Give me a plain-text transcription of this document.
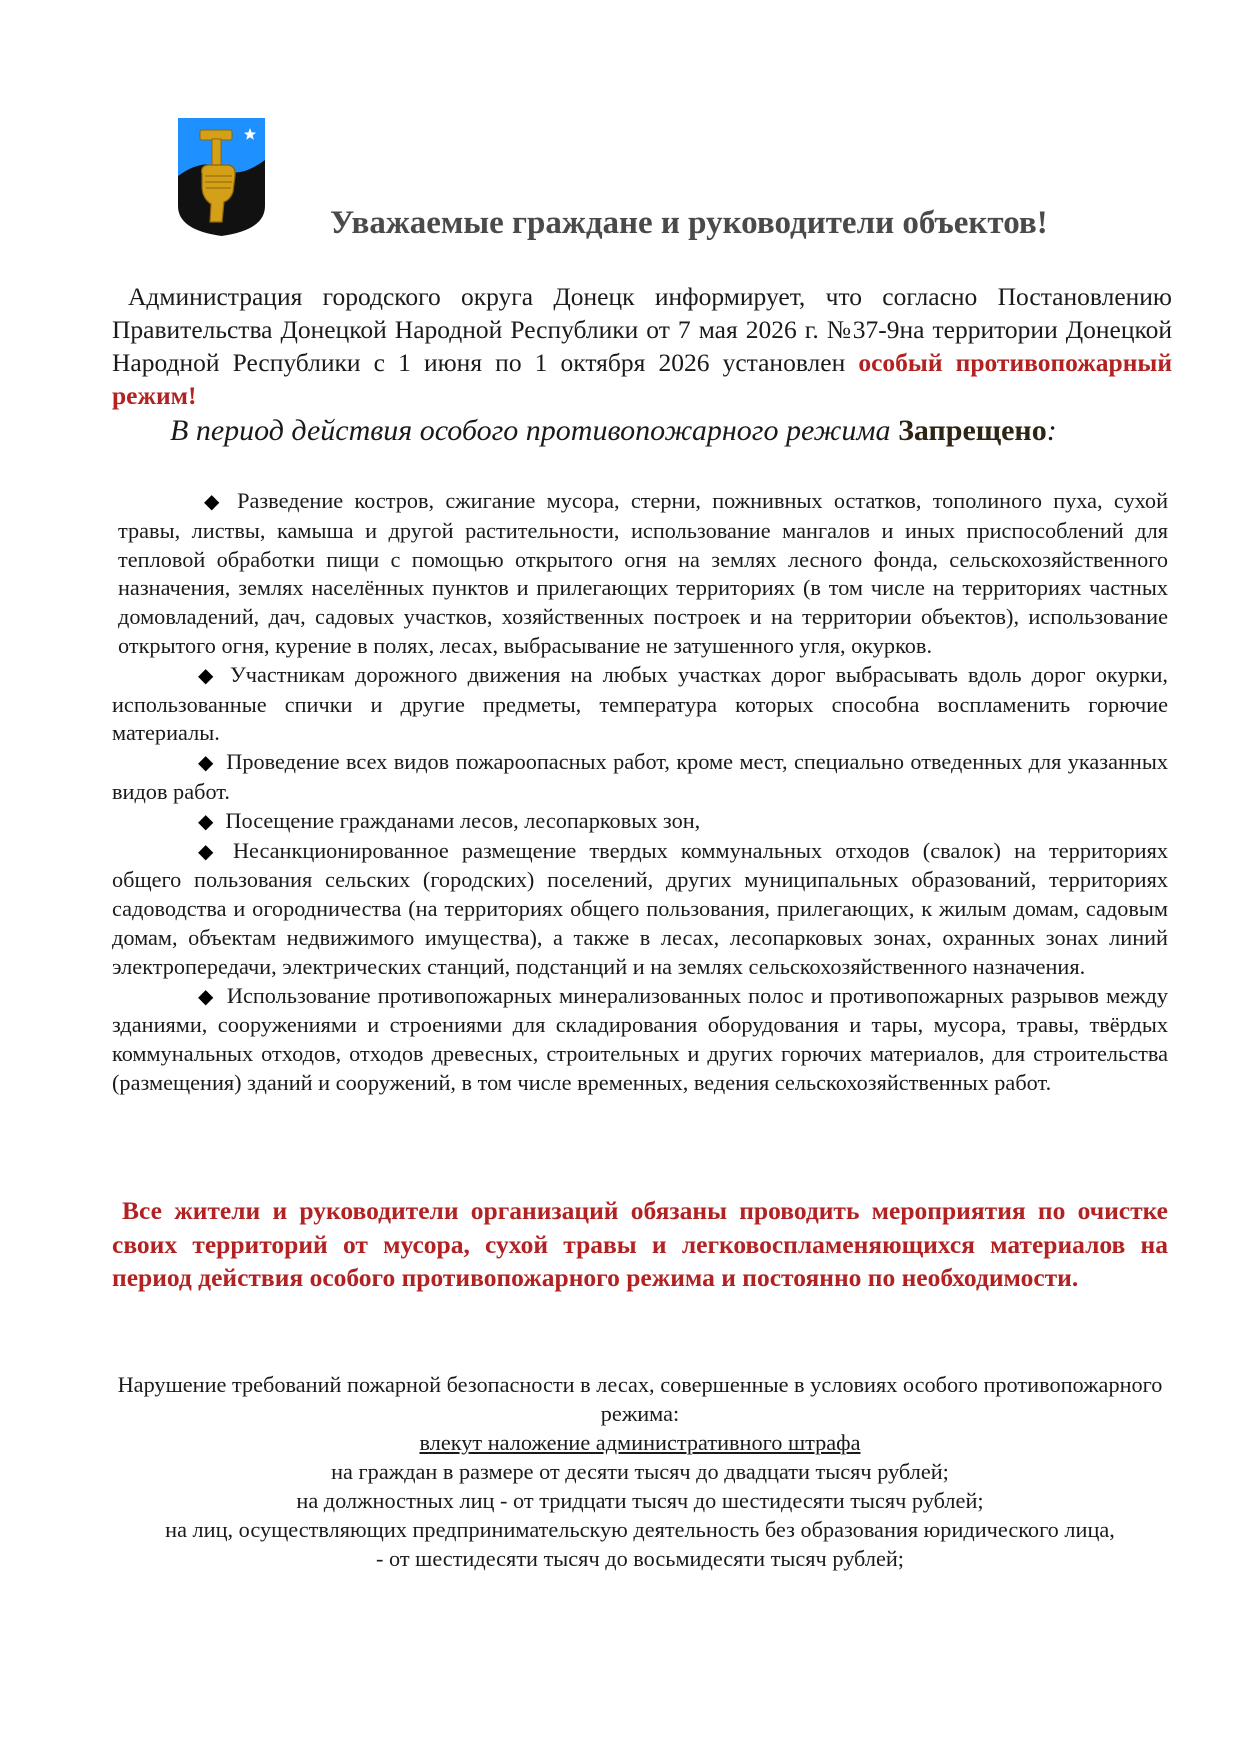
Уважаемые граждане и руководители объектов!
Администрация городского округа Донецк информирует, что согласно Постановлению Правительства Донецкой Народной Республики от 7 мая 2026 г. №37-9на территории Донецкой Народной Республики с 1 июня по 1 октября 2026 установлен особый противопожарный режим!
В период действия особого противопожарного режима Запрещено:

◆ Разведение костров, сжигание мусора, стерни, пожнивных остатков, тополиного пуха, сухой травы, листвы, камыша и другой растительности, использование мангалов и иных приспособлений для тепловой обработки пищи с помощью открытого огня на землях лесного фонда, сельскохозяйственного назначения, землях населённых пунктов и прилегающих территориях (в том числе на территориях частных домовладений, дач, садовых участков, хозяйственных построек и на территории объектов), использование открытого огня, курение в полях, лесах, выбрасывание не затушенного угля, окурков.

◆ Участникам дорожного движения на любых участках дорог выбрасывать вдоль дорог окурки, использованные спички и другие предметы, температура которых способна воспламенить горючие материалы.

◆ Проведение всех видов пожароопасных работ, кроме мест, специально отведенных для указанных видов работ.

◆ Посещение гражданами лесов, лесопарковых зон,

◆ Несанкционированное размещение твердых коммунальных отходов (свалок) на территориях общего пользования сельских (городских) поселений, других муниципальных образований, территориях садоводства и огородничества (на территориях общего пользования, прилегающих, к жилым домам, садовым домам, объектам недвижимого имущества), а также в лесах, лесопарковых зонах, охранных зонах линий электропередачи, электрических станций, подстанций и на землях сельскохозяйственного назначения.

◆ Использование противопожарных минерализованных полос и противопожарных разрывов между зданиями, сооружениями и строениями для складирования оборудования и тары, мусора, травы, твёрдых коммунальных отходов, отходов древесных, строительных и других горючих материалов, для строительства (размещения) зданий и сооружений, в том числе временных, ведения сельскохозяйственных работ.

Все жители и руководители организаций обязаны проводить мероприятия по очистке своих территорий от мусора, сухой травы и легковоспламеняющихся материалов на период действия особого противопожарного режима и постоянно по необходимости.

Нарушение требований пожарной безопасности в лесах, совершенные в условиях особого противопожарного режима:

влекут наложение административного штрафа

на граждан в размере от десяти тысяч до двадцати тысяч рублей;

на должностных лиц - от тридцати тысяч до шестидесяти тысяч рублей;

на лиц, осуществляющих предпринимательскую деятельность без образования юридического лица,

- от шестидесяти тысяч до восьмидесяти тысяч рублей;
